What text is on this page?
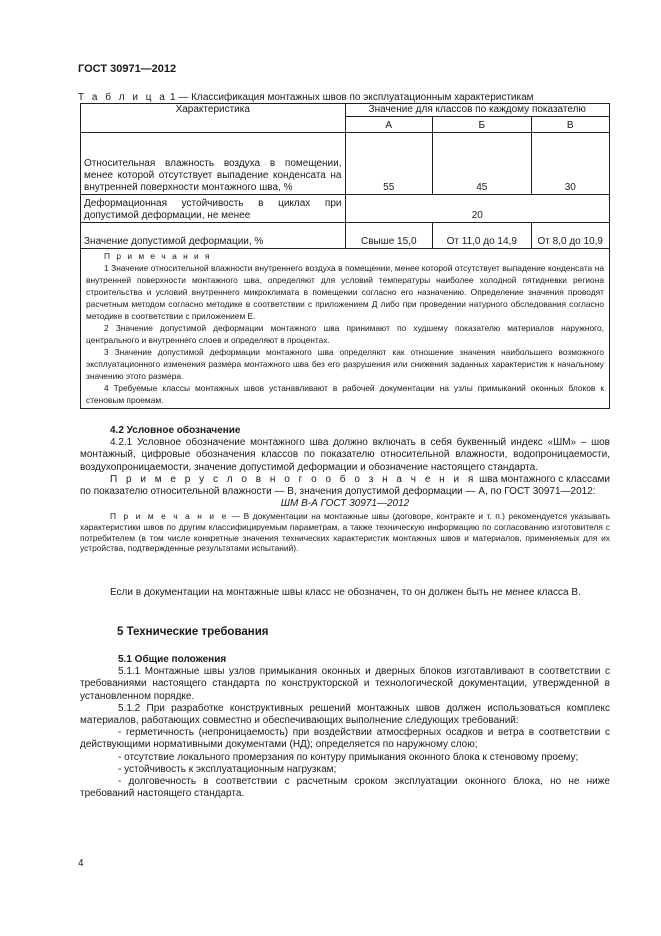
ГОСТ 30971—2012
Т а б л и ц а 1 — Классификация монтажных швов по эксплуатационным характеристикам
Характеристика	Значение для классов по каждому показателю		
	А	Б	В
Относительная влажность воздуха в помещении, менее которой отсутствует выпадение конденсата на внутренней поверхности монтажного шва, %	55	45	30
Деформационная устойчивость в циклах при допустимой деформации, не менее	20		
Значение допустимой деформации, %	Свыше 15,0	От 11,0 до 14,9	От 8,0 до 10,9

П р и м е ч а н и я

1 Значение относительной влажности внутреннего воздуха в помещении, менее которой отсутствует выпадение конденсата на внутренней поверхности монтажного шва, определяют для условий температуры наиболее холодной пятидневки региона строительства и условий внутреннего микроклимата в помещении согласно его назначению. Определение значения проводят расчетным методом согласно методике в соответствии с приложением Д либо при проведении натурного обследования согласно методике в соответствии с приложением Е.

2 Значение допустимой деформации монтажного шва принимают по худшему показателю материалов наружного, центрального и внутреннего слоев и определяют в процентах.

3 Значение допустимой деформации монтажного шва определяют как отношение значения наибольшего возможного эксплуатационного изменения размера монтажного шва без его разрушения или снижения заданных характеристик к начальному значению этого размера.

4 Требуемые классы монтажных швов устанавливают в рабочей документации на узлы примыканий оконных блоков к стеновым проемам.			

4.2 Условное обозначение

4.2.1 Условное обозначение монтажного шва должно включать в себя буквенный индекс «ШМ» – шов монтажный, цифровые обозначения классов по показателю относительной влажности, водопроницаемости, воздухопроницаемости, значение допустимой деформации и обозначение настоящего стандарта.

П р и м е р у с л о в н о г о о б о з н а ч е н и я шва монтажного с классами по показателю относительной влажности — В, значения допустимой деформации — А, по ГОСТ 30971—2012:

ШМ В-А ГОСТ 30971—2012

П р и м е ч а н и е — В документации на монтажные швы (договоре, контракте и т. п.) рекомендуется указывать характеристики швов по другим классифицируемым параметрам, а также техническую информацию по согласованию изготовителя с потребителем (в том числе конкретные значения технических характеристик монтажных швов и материалов, применяемых для их устройства, подтвержденные результатами испытаний).

Если в документации на монтажные швы класс не обозначен, то он должен быть не менее класса В.

5 Технические требования
5.1 Общие положения

5.1.1 Монтажные швы узлов примыкания оконных и дверных блоков изготавливают в соответствии с требованиями настоящего стандарта по конструкторской и технологической документации, утвержденной в установленном порядке.

5.1.2 При разработке конструктивных решений монтажных швов должен использоваться комплекс материалов, работающих совместно и обеспечивающих выполнение следующих требований:

- герметичность (непроницаемость) при воздействии атмосферных осадков и ветра в соответствии с действующими нормативными документами (НД); определяется по наружному слою;

- отсутствие локального промерзания по контуру примыкания оконного блока к стеновому проему;

- устойчивость к эксплуатационным нагрузкам;

- долговечность в соответствии с расчетным сроком эксплуатации оконного блока, но не ниже требований настоящего стандарта.

4
